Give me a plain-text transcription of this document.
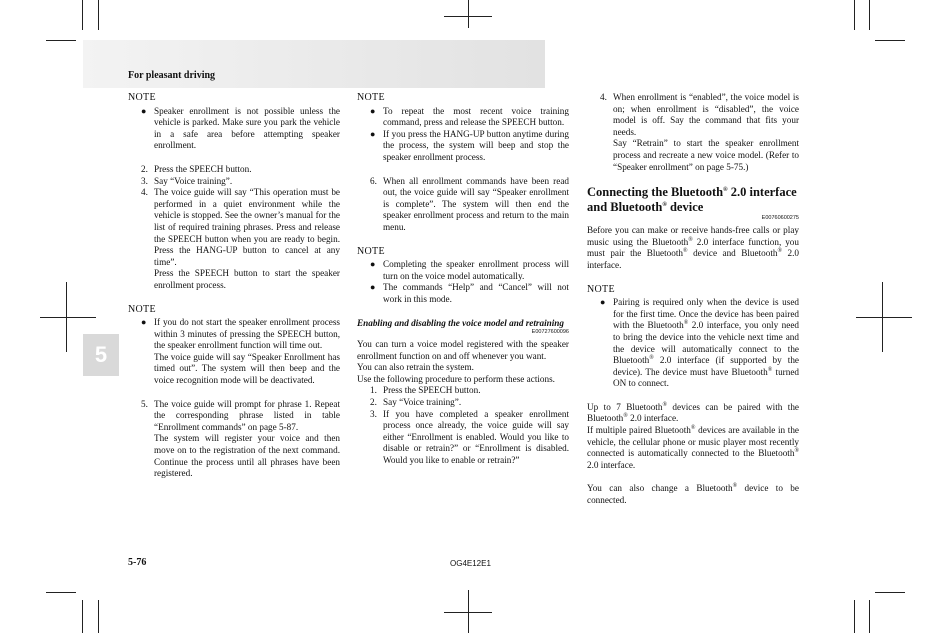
For pleasant driving
5

NOTE

● Speaker enrollment is not possible unless the vehicle is parked. Make sure you park the vehicle in a safe area before attempting speaker enrollment.

2. Press the SPEECH button.

3. Say “Voice training”.

4. The voice guide will say “This operation must be performed in a quiet environment while the vehicle is stopped. See the owner’s manual for the list of required training phrases. Press and release the SPEECH button when you are ready to begin. Press the HANG-UP button to cancel at any time”.

Press the SPEECH button to start the speaker enrollment process.

NOTE

● If you do not start the speaker enrollment process within 3 minutes of pressing the SPEECH button, the speaker enrollment function will time out.

The voice guide will say “Speaker Enrollment has timed out”. The system will then beep and the voice recognition mode will be deactivated.

5. The voice guide will prompt for phrase 1. Repeat the corresponding phrase listed in table “Enrollment commands” on page 5-87.

The system will register your voice and then move on to the registration of the next command. Continue the process until all phrases have been registered.

NOTE

● To repeat the most recent voice training command, press and release the SPEECH button.

● If you press the HANG-UP button anytime during the process, the system will beep and stop the speaker enrollment process.

6. When all enrollment commands have been read out, the voice guide will say “Speaker enrollment is complete”. The system will then end the speaker enrollment process and return to the main menu.

NOTE

● Completing the speaker enrollment process will turn on the voice model automatically.

● The commands “Help” and “Cancel” will not work in this mode.

Enabling and disabling the voice model and retraining

E00727600096

You can turn a voice model registered with the speaker enrollment function on and off whenever you want.

You can also retrain the system.

Use the following procedure to perform these actions.

1. Press the SPEECH button.

2. Say “Voice training”.

3. If you have completed a speaker enrollment process once already, the voice guide will say either “Enrollment is enabled. Would you like to disable or retrain?” or “Enrollment is disabled. Would you like to enable or retrain?”

4. When enrollment is “enabled”, the voice model is on; when enrollment is “disabled”, the voice model is off. Say the command that fits your needs.

Say “Retrain” to start the speaker enrollment process and recreate a new voice model. (Refer to “Speaker enrollment” on page 5-75.)

Connecting the Bluetooth® 2.0 interface and Bluetooth® device

E00760600275

Before you can make or receive hands-free calls or play music using the Bluetooth® 2.0 interface function, you must pair the Bluetooth® device and Bluetooth® 2.0 interface.

NOTE

● Pairing is required only when the device is used for the first time. Once the device has been paired with the Bluetooth® 2.0 interface, you only need to bring the device into the vehicle next time and the device will automatically connect to the Bluetooth® 2.0 interface (if supported by the device). The device must have Bluetooth® turned ON to connect.

Up to 7 Bluetooth® devices can be paired with the Bluetooth® 2.0 interface.

If multiple paired Bluetooth® devices are available in the vehicle, the cellular phone or music player most recently connected is automatically connected to the Bluetooth® 2.0 interface.

You can also change a Bluetooth® device to be connected.

5-76	OG4E12E1
